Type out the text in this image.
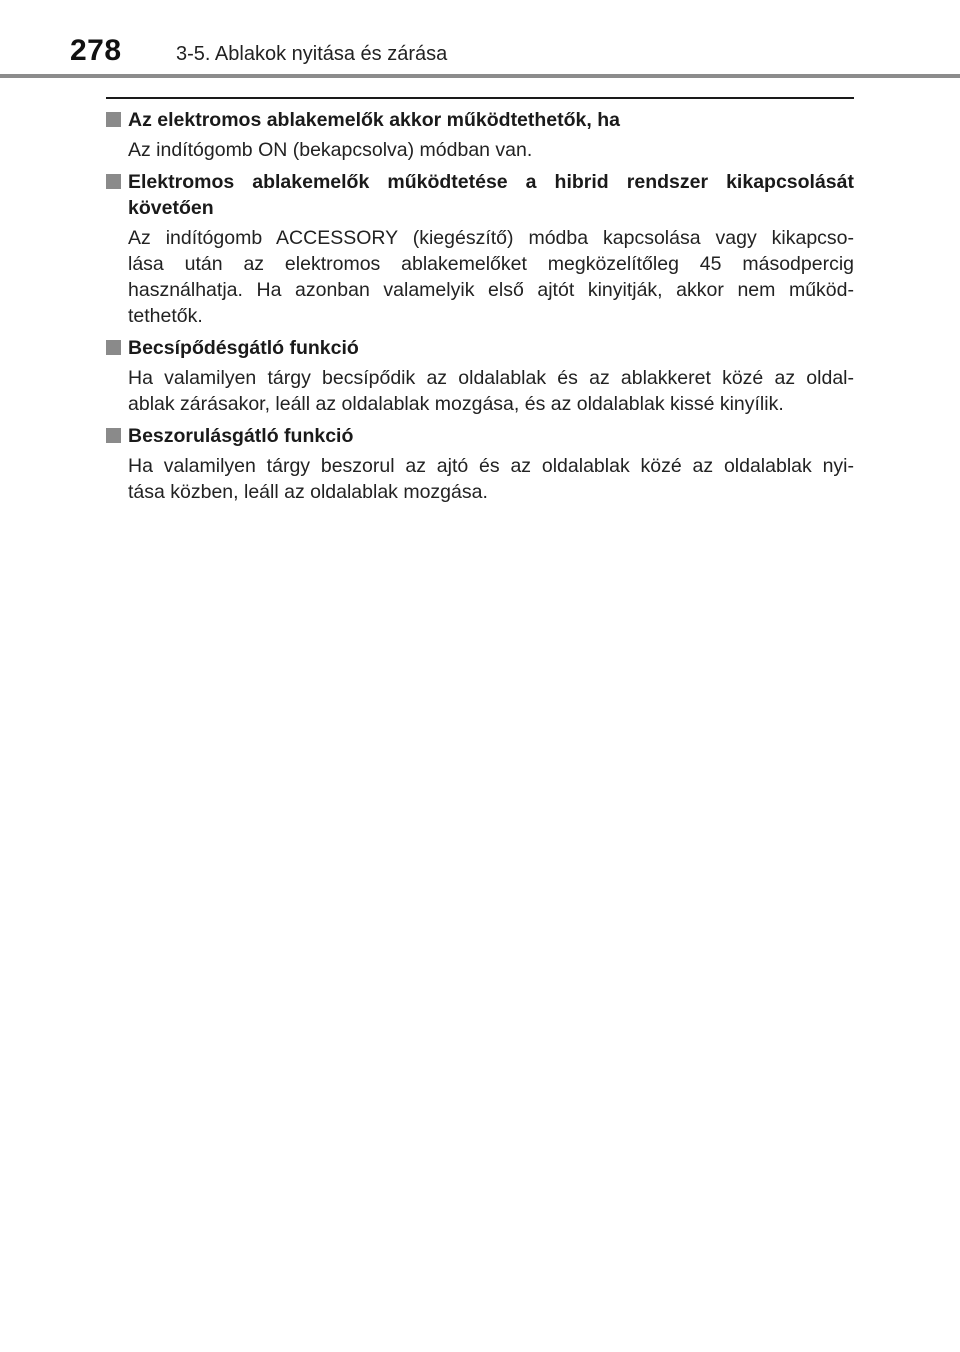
278	3-5. Ablakok nyitása és zárása
Az elektromos ablakemelők akkor működtethetők, ha
Az indítógomb ON (bekapcsolva) módban van.
Elektromos ablakemelők működtetése a hibrid rendszer kikapcsolását
követően
Az indítógomb ACCESSORY (kiegészítő) módba kapcsolása vagy kikapcso-
lása után az elektromos ablakemelőket megközelítőleg 45 másodpercig
használhatja. Ha azonban valamelyik első ajtót kinyitják, akkor nem működ-
tethetők.
Becsípődésgátló funkció
Ha valamilyen tárgy becsípődik az oldalablak és az ablakkeret közé az oldal-
ablak zárásakor, leáll az oldalablak mozgása, és az oldalablak kissé kinyílik.
Beszorulásgátló funkció
Ha valamilyen tárgy beszorul az ajtó és az oldalablak közé az oldalablak nyi-
tása közben, leáll az oldalablak mozgása.
